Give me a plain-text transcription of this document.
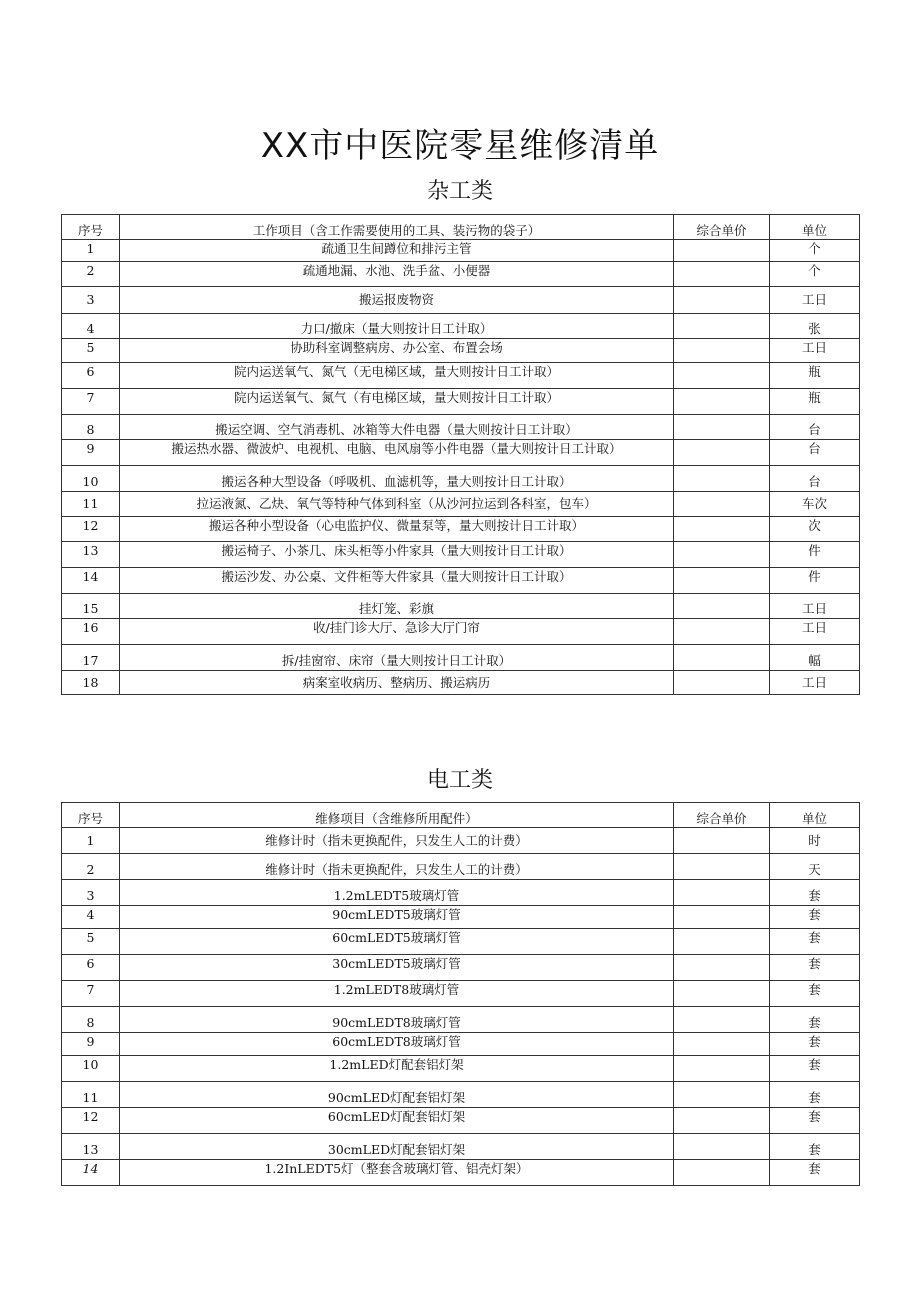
XX市中医院零星维修清单
杂工类
序号	工作项目（含工作需要使用的工具、装污物的袋子）	综合单价	单位
1	疏通卫生间蹲位和排污主管		个
2	疏通地漏、水池、洗手盆、小便器		个
3	搬运报废物资		工日
4	力口/撤床（量大则按计日工计取）		张
5	协助科室调整病房、办公室、布置会场		工日
6	院内运送氧气、氮气（无电梯区域，量大则按计日工计取）		瓶
7	院内运送氧气、氮气（有电梯区域，量大则按计日工计取）		瓶
8	搬运空调、空气消毒机、冰箱等大件电器（量大则按计日工计取）		台
9	搬运热水器、微波炉、电视机、电脑、电风扇等小件电器（量大则按计日工计取）		台
10	搬运各种大型设备（呼吸机、血滤机等，量大则按计日工计取）		台
11	拉运液氮、乙炔、氧气等特种气体到科室（从沙河拉运到各科室，包车）		车次
12	搬运各种小型设备（心电监护仪、微量泵等，量大则按计日工计取）		次
13	搬运椅子、小茶几、床头柜等小件家具（量大则按计日工计取）		件
14	搬运沙发、办公桌、文件柜等大件家具（量大则按计日工计取）		件
15	挂灯笼、彩旗		工日
16	收/挂门诊大厅、急诊大厅门帘		工日
17	拆/挂窗帘、床帘（量大则按计日工计取）		幅
18	病案室收病历、整病历、搬运病历		工日
电工类
序号	维修项目（含维修所用配件）	综合单价	单位
1	维修计时（指未更换配件，只发生人工的计费）		时
2	维修计时（指未更换配件，只发生人工的计费）		天
3	1.2mLEDT5玻璃灯管		套
4	90cmLEDT5玻璃灯管		套
5	60cmLEDT5玻璃灯管		套
6	30cmLEDT5玻璃灯管		套
7	1.2mLEDT8玻璃灯管		套
8	90cmLEDT8玻璃灯管		套
9	60cmLEDT8玻璃灯管		套
10	1.2mLED灯配套铝灯架		套
11	90cmLED灯配套铝灯架		套
12	60cmLED灯配套铝灯架		套
13	30cmLED灯配套铝灯架		套
14	1.2InLEDT5灯（整套含玻璃灯管、铝壳灯架）		套
